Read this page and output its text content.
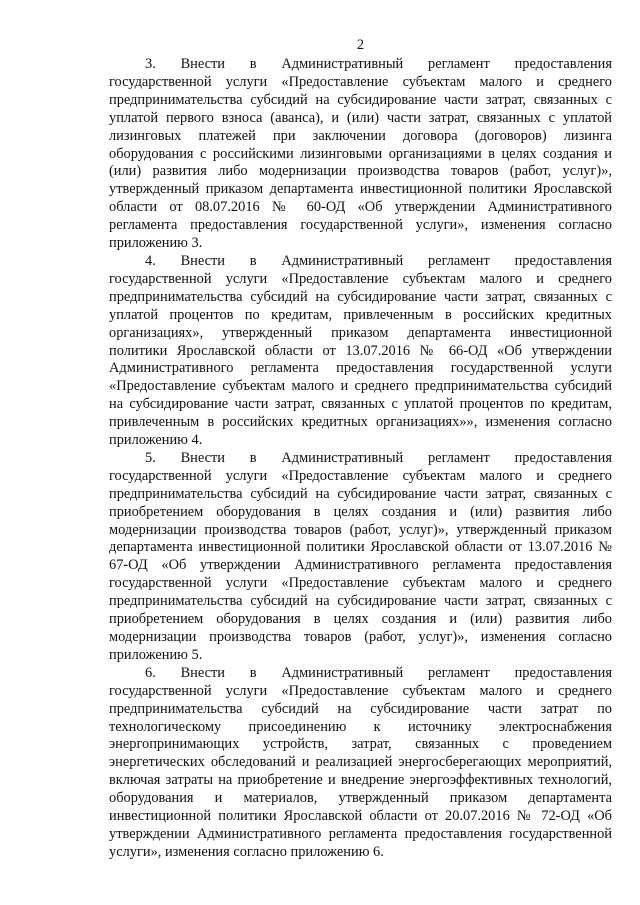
2

3. Внести в Административный регламент предоставления государственной услуги «Предоставление субъектам малого и среднего предпринимательства субсидий на субсидирование части затрат, связанных с уплатой первого взноса (аванса), и (или) части затрат, связанных с уплатой лизинговых платежей при заключении договора (договоров) лизинга оборудования с российскими лизинговыми организациями в целях создания и (или) развития либо модернизации производства товаров (работ, услуг)», утвержденный приказом департамента инвестиционной политики Ярославской области от 08.07.2016 № 60-ОД «Об утверждении Административного регламента предоставления государственной услуги», изменения согласно приложению 3.

4. Внести в Административный регламент предоставления государственной услуги «Предоставление субъектам малого и среднего предпринимательства субсидий на субсидирование части затрат, связанных с уплатой процентов по кредитам, привлеченным в российских кредитных организациях», утвержденный приказом департамента инвестиционной политики Ярославской области от 13.07.2016 № 66-ОД «Об утверждении Административного регламента предоставления государственной услуги «Предоставление субъектам малого и среднего предпринимательства субсидий на субсидирование части затрат, связанных с уплатой процентов по кредитам, привлеченным в российских кредитных организациях»», изменения согласно приложению 4.

5. Внести в Административный регламент предоставления государственной услуги «Предоставление субъектам малого и среднего предпринимательства субсидий на субсидирование части затрат, связанных с приобретением оборудования в целях создания и (или) развития либо модернизации производства товаров (работ, услуг)», утвержденный приказом департамента инвестиционной политики Ярославской области от 13.07.2016 № 67-ОД «Об утверждении Административного регламента предоставления государственной услуги «Предоставление субъектам малого и среднего предпринимательства субсидий на субсидирование части затрат, связанных с приобретением оборудования в целях создания и (или) развития либо модернизации производства товаров (работ, услуг)», изменения согласно приложению 5.

6. Внести в Административный регламент предоставления государственной услуги «Предоставление субъектам малого и среднего предпринимательства субсидий на субсидирование части затрат по технологическому присоединению к источнику электроснабжения энергопринимающих устройств, затрат, связанных с проведением энергетических обследований и реализацией энергосберегающих мероприятий, включая затраты на приобретение и внедрение энергоэффективных технологий, оборудования и материалов, утвержденный приказом департамента инвестиционной политики Ярославской области от 20.07.2016 № 72-ОД «Об утверждении Административного регламента предоставления государственной услуги», изменения согласно приложению 6.
